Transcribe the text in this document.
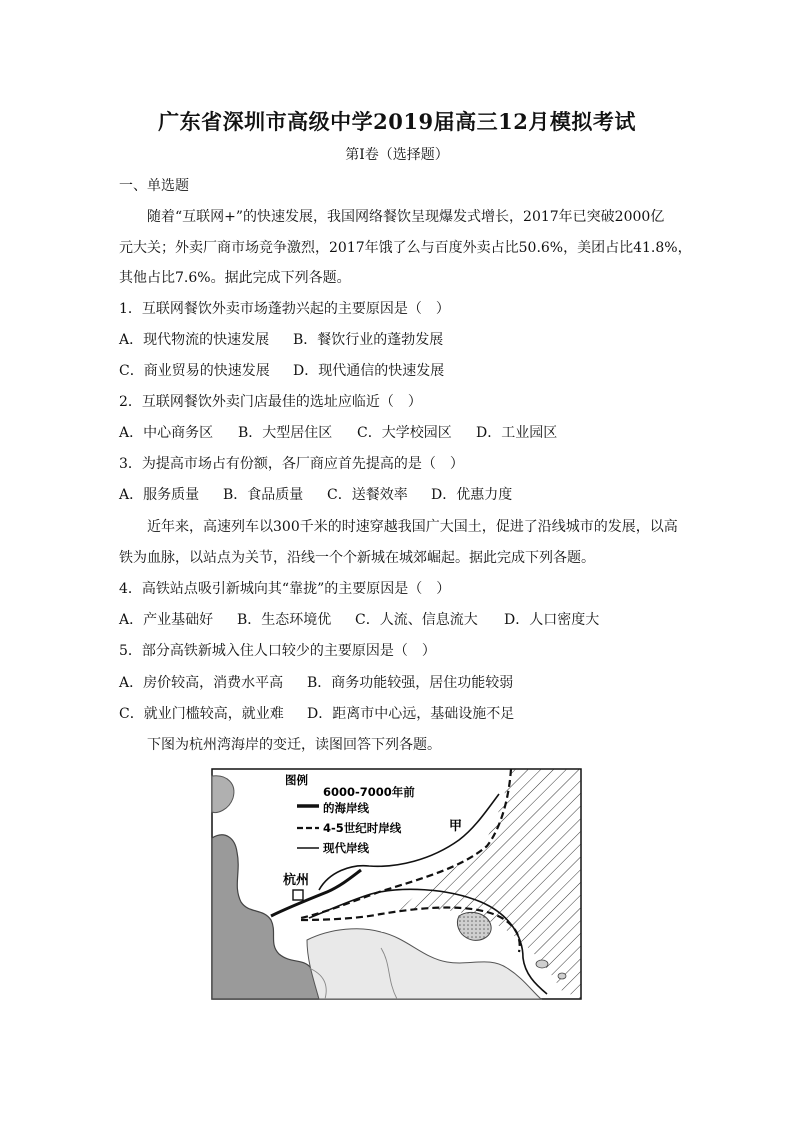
广东省深圳市高级中学2019届高三12月模拟考试
第I卷（选择题）
一、单选题
随着“互联网+”的快速发展，我国网络餐饮呈现爆发式增长，2017年已突破2000亿
元大关；外卖厂商市场竞争激烈，2017年饿了么与百度外卖占比50.6%，美团占比41.8%，
其他占比7.6%。据此完成下列各题。
1．互联网餐饮外卖市场蓬勃兴起的主要原因是（　）
A．现代物流的快速发展 B．餐饮行业的蓬勃发展
C．商业贸易的快速发展 D．现代通信的快速发展
2．互联网餐饮外卖门店最佳的选址应临近（　）
A．中心商务区 B．大型居住区 C．大学校园区 D．工业园区
3．为提高市场占有份额，各厂商应首先提高的是（　）
A．服务质量 B．食品质量 C．送餐效率 D．优惠力度
近年来，高速列车以300千米的时速穿越我国广大国土，促进了沿线城市的发展，以高
铁为血脉，以站点为关节，沿线一个个新城在城郊崛起。据此完成下列各题。
4．高铁站点吸引新城向其“靠拢”的主要原因是（　）
A．产业基础好 B．生态环境优 C．人流、信息流大 D．人口密度大
5．部分高铁新城入住人口较少的主要原因是（　）
A．房价较高，消费水平高 B．商务功能较强，居住功能较弱
C．就业门槛较高，就业难 D．距离市中心远，基础设施不足
下图为杭州湾海岸的变迁，读图回答下列各题。
图例
6000-7000年前
的海岸线
4-5世纪时岸线
现代岸线
杭州
甲
